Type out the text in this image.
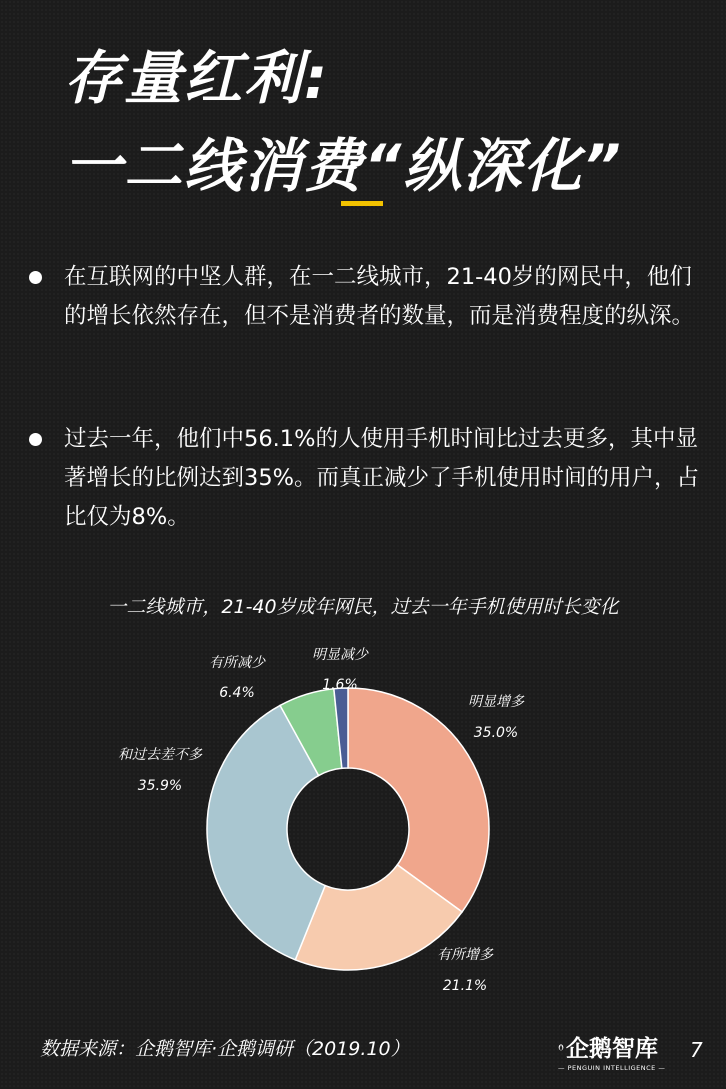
存量红利:
一二线消费“纵深化”
在互联网的中坚人群，在一二线城市，21-40岁的网民中，他们的增长依然存在，但不是消费者的数量，而是消费程度的纵深。
过去一年，他们中56.1%的人使用手机时间比过去更多，其中显著增长的比例达到35%。而真正减少了手机使用时间的用户，占比仅为8%。
一二线城市，21-40岁成年网民，过去一年手机使用时长变化
明显增多
35.0%
有所增多
21.1%
和过去差不多
35.9%
有所减少
6.4%
明显减少
1.6%
数据来源：企鹅智库·企鹅调研（2019.10）	企鹅智库
— PENGUIN INTELLIGENCE —
7
